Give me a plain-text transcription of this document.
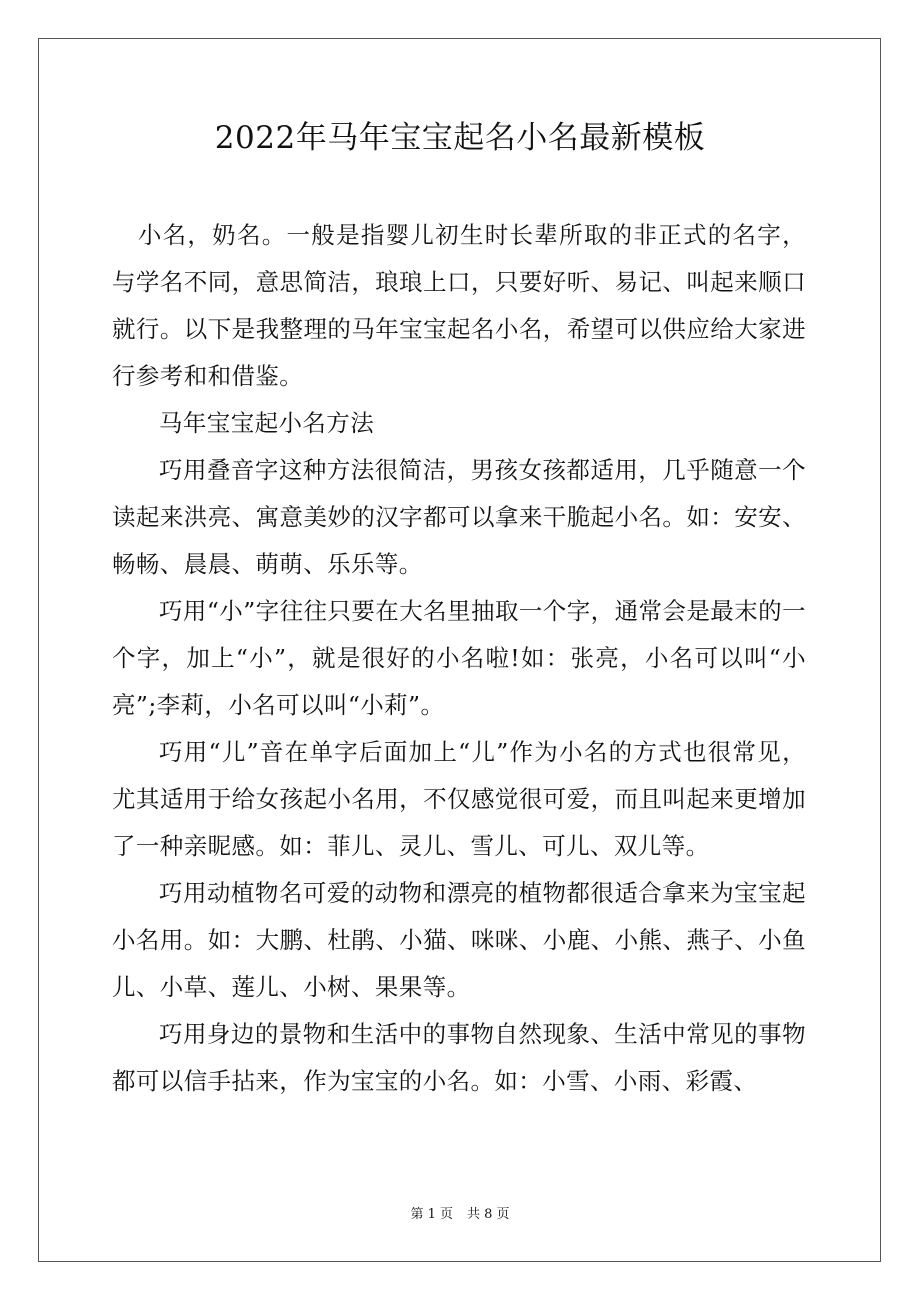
2022年马年宝宝起名小名最新模板

小名，奶名。一般是指婴儿初生时长辈所取的非正式的名字，与学名不同，意思简洁，琅琅上口，只要好听、易记、叫起来顺口就行。以下是我整理的马年宝宝起名小名，希望可以供应给大家进行参考和和借鉴。

马年宝宝起小名方法

巧用叠音字这种方法很简洁，男孩女孩都适用，几乎随意一个读起来洪亮、寓意美妙的汉字都可以拿来干脆起小名。如：安安、畅畅、晨晨、萌萌、乐乐等。

巧用“小”字往往只要在大名里抽取一个字，通常会是最末的一个字，加上“小”，就是很好的小名啦!如：张亮，小名可以叫“小亮”;李莉，小名可以叫“小莉”。

巧用“儿”音在单字后面加上“儿”作为小名的方式也很常见，尤其适用于给女孩起小名用，不仅感觉很可爱，而且叫起来更增加了一种亲昵感。如：菲儿、灵儿、雪儿、可儿、双儿等。

巧用动植物名可爱的动物和漂亮的植物都很适合拿来为宝宝起小名用。如：大鹏、杜鹃、小猫、咪咪、小鹿、小熊、燕子、小鱼儿、小草、莲儿、小树、果果等。

巧用身边的景物和生活中的事物自然现象、生活中常见的事物都可以信手拈来，作为宝宝的小名。如：小雪、小雨、彩霞、

第 1 页 共 8 页
